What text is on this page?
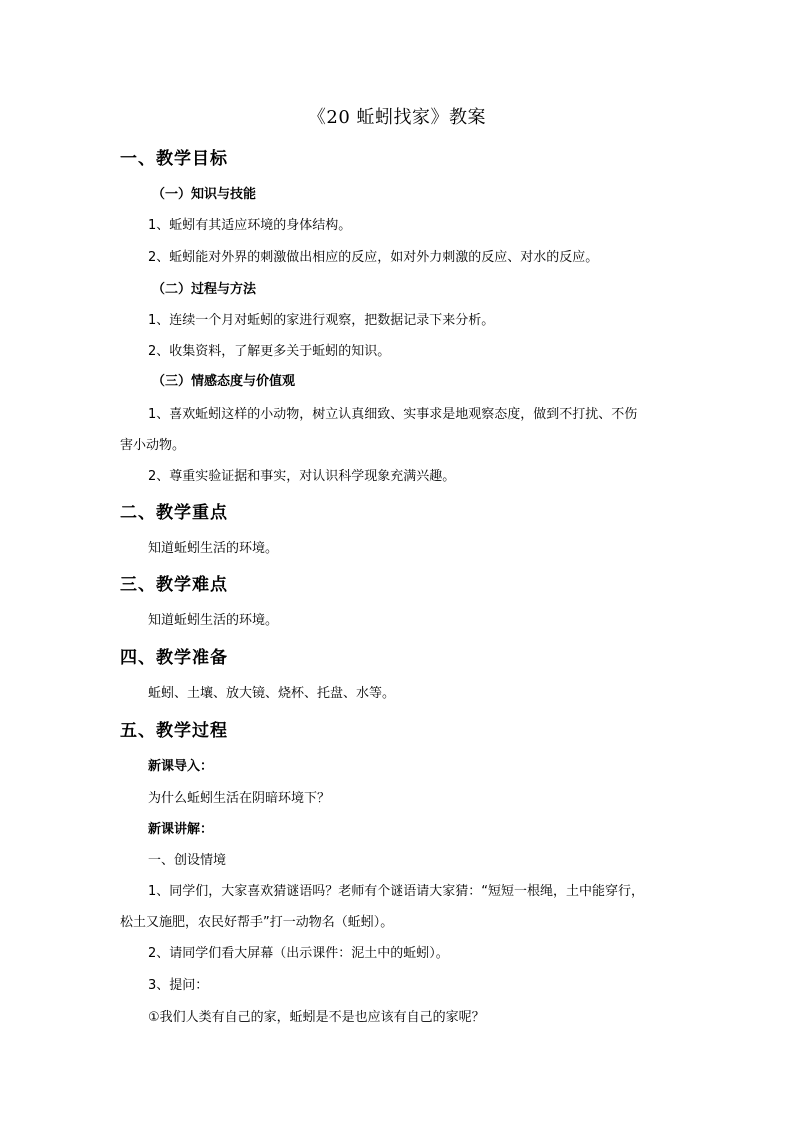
《20 蚯蚓找家》教案
一、教学目标
（一）知识与技能
1、蚯蚓有其适应环境的身体结构。
2、蚯蚓能对外界的刺激做出相应的反应，如对外力刺激的反应、对水的反应。
（二）过程与方法
1、连续一个月对蚯蚓的家进行观察，把数据记录下来分析。
2、收集资料，了解更多关于蚯蚓的知识。
（三）情感态度与价值观
1、喜欢蚯蚓这样的小动物，树立认真细致、实事求是地观察态度，做到不打扰、不伤
害小动物。
2、尊重实验证据和事实，对认识科学现象充满兴趣。
二、教学重点
知道蚯蚓生活的环境。
三、教学难点
知道蚯蚓生活的环境。
四、教学准备
蚯蚓、土壤、放大镜、烧杯、托盘、水等。
五、教学过程
新课导入：
为什么蚯蚓生活在阴暗环境下？
新课讲解：
一、创设情境
1、同学们，大家喜欢猜谜语吗？老师有个谜语请大家猜：“短短一根绳，土中能穿行，
松土又施肥，农民好帮手”打一动物名（蚯蚓）。
2、请同学们看大屏幕（出示课件：泥土中的蚯蚓）。
3、提问：
①我们人类有自己的家，蚯蚓是不是也应该有自己的家呢？
